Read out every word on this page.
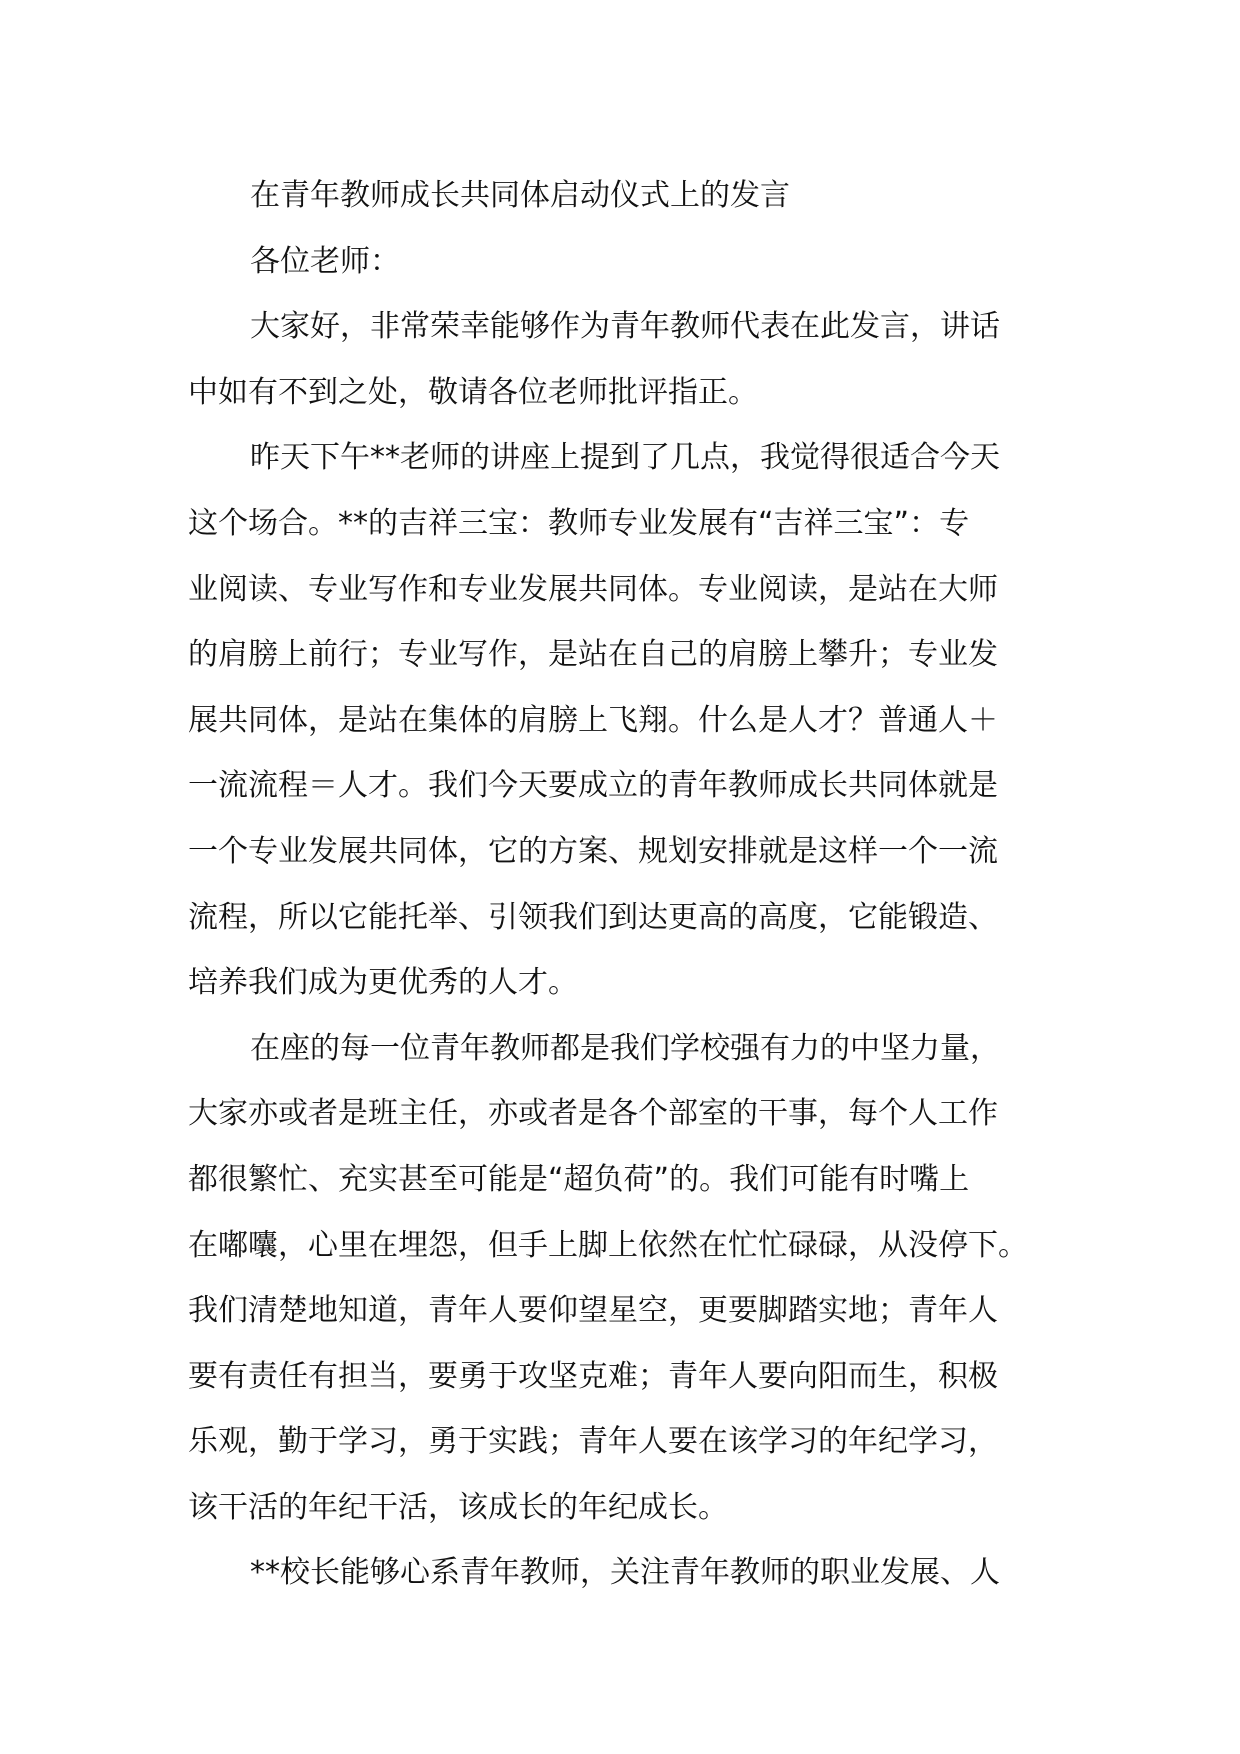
在青年教师成长共同体启动仪式上的发言
各位老师：
大家好，非常荣幸能够作为青年教师代表在此发言，讲话
中如有不到之处，敬请各位老师批评指正。
昨天下午**老师的讲座上提到了几点，我觉得很适合今天
这个场合。**的吉祥三宝：教师专业发展有“吉祥三宝”：专
业阅读、专业写作和专业发展共同体。专业阅读，是站在大师
的肩膀上前行；专业写作，是站在自己的肩膀上攀升；专业发
展共同体，是站在集体的肩膀上飞翔。什么是人才？普通人＋
一流流程＝人才。我们今天要成立的青年教师成长共同体就是
一个专业发展共同体，它的方案、规划安排就是这样一个一流
流程，所以它能托举、引领我们到达更高的高度，它能锻造、
培养我们成为更优秀的人才。
在座的每一位青年教师都是我们学校强有力的中坚力量，
大家亦或者是班主任，亦或者是各个部室的干事，每个人工作
都很繁忙、充实甚至可能是“超负荷”的。我们可能有时嘴上
在嘟囔，心里在埋怨，但手上脚上依然在忙忙碌碌，从没停下。
我们清楚地知道，青年人要仰望星空，更要脚踏实地；青年人
要有责任有担当，要勇于攻坚克难；青年人要向阳而生，积极
乐观，勤于学习，勇于实践；青年人要在该学习的年纪学习，
该干活的年纪干活，该成长的年纪成长。
**校长能够心系青年教师，关注青年教师的职业发展、人
